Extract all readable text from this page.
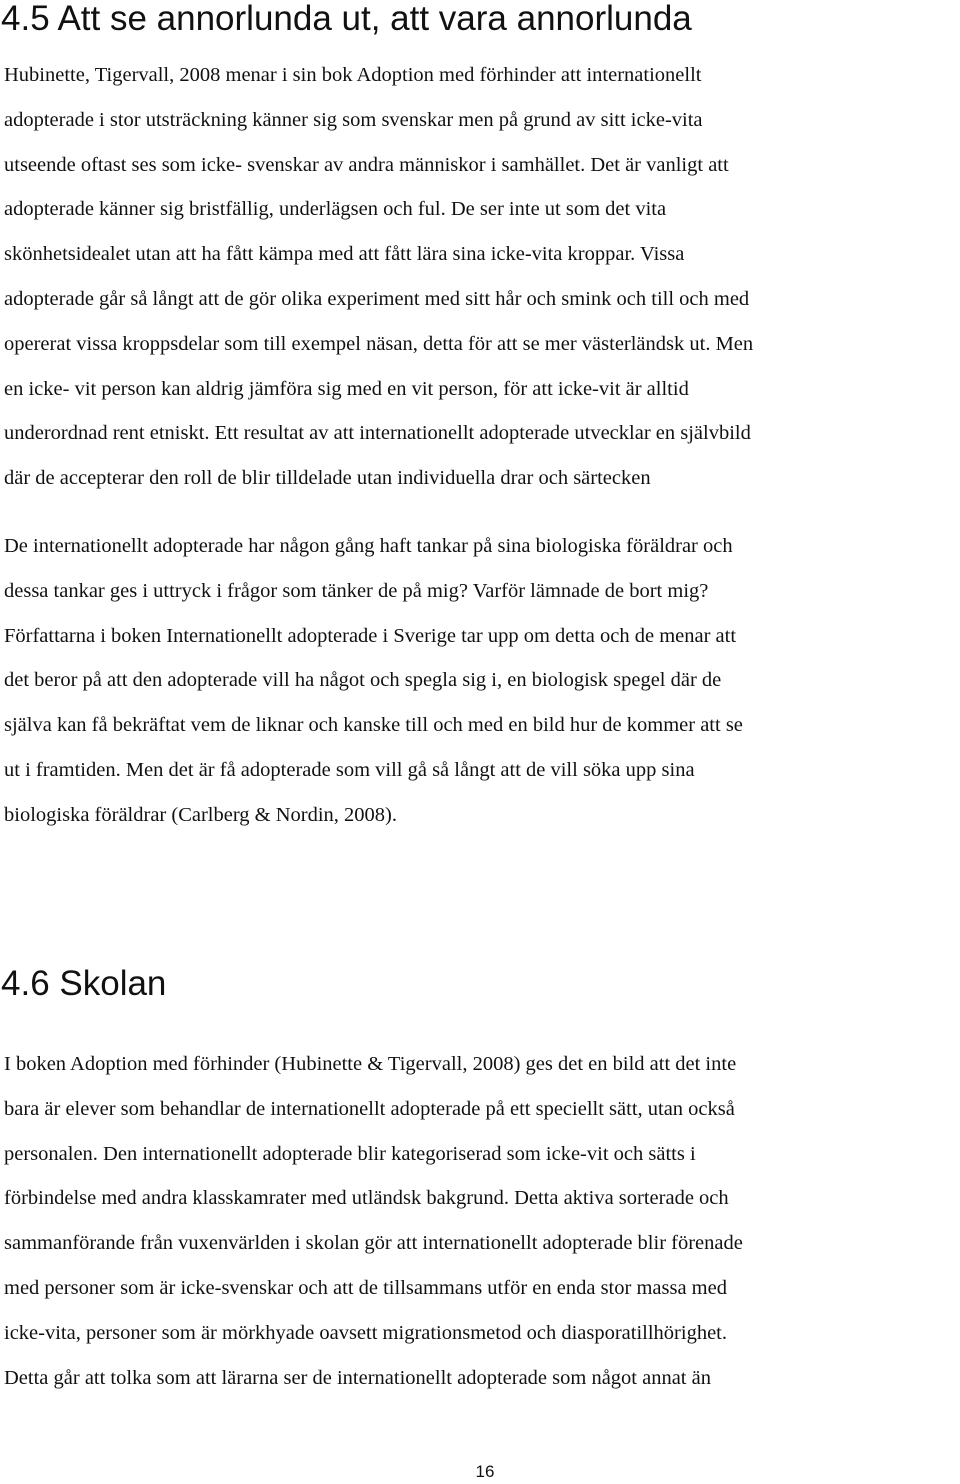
4.5 Att se annorlunda ut, att vara annorlunda
Hubinette, Tigervall, 2008 menar i sin bok Adoption med förhinder att internationellt
adopterade i stor utsträckning känner sig som svenskar men på grund av sitt icke-vita
utseende oftast ses som icke- svenskar av andra människor i samhället. Det är vanligt att
adopterade känner sig bristfällig, underlägsen och ful. De ser inte ut som det vita
skönhetsidealet utan att ha fått kämpa med att fått lära sina icke-vita kroppar. Vissa
adopterade går så långt att de gör olika experiment med sitt hår och smink och till och med
opererat vissa kroppsdelar som till exempel näsan, detta för att se mer västerländsk ut. Men
en icke- vit person kan aldrig jämföra sig med en vit person, för att icke-vit är alltid
underordnad rent etniskt. Ett resultat av att internationellt adopterade utvecklar en självbild
där de accepterar den roll de blir tilldelade utan individuella drar och särtecken
De internationellt adopterade har någon gång haft tankar på sina biologiska föräldrar och
dessa tankar ges i uttryck i frågor som tänker de på mig? Varför lämnade de bort mig?
Författarna i boken Internationellt adopterade i Sverige tar upp om detta och de menar att
det beror på att den adopterade vill ha något och spegla sig i, en biologisk spegel där de
själva kan få bekräftat vem de liknar och kanske till och med en bild hur de kommer att se
ut i framtiden. Men det är få adopterade som vill gå så långt att de vill söka upp sina
biologiska föräldrar (Carlberg & Nordin, 2008).
4.6 Skolan
I boken Adoption med förhinder (Hubinette & Tigervall, 2008) ges det en bild att det inte
bara är elever som behandlar de internationellt adopterade på ett speciellt sätt, utan också
personalen. Den internationellt adopterade blir kategoriserad som icke-vit och sätts i
förbindelse med andra klasskamrater med utländsk bakgrund. Detta aktiva sorterade och
sammanförande från vuxenvärlden i skolan gör att internationellt adopterade blir förenade
med personer som är icke-svenskar och att de tillsammans utför en enda stor massa med
icke-vita, personer som är mörkhyade oavsett migrationsmetod och diasporatillhörighet.
Detta går att tolka som att lärarna ser de internationellt adopterade som något annat än
16
